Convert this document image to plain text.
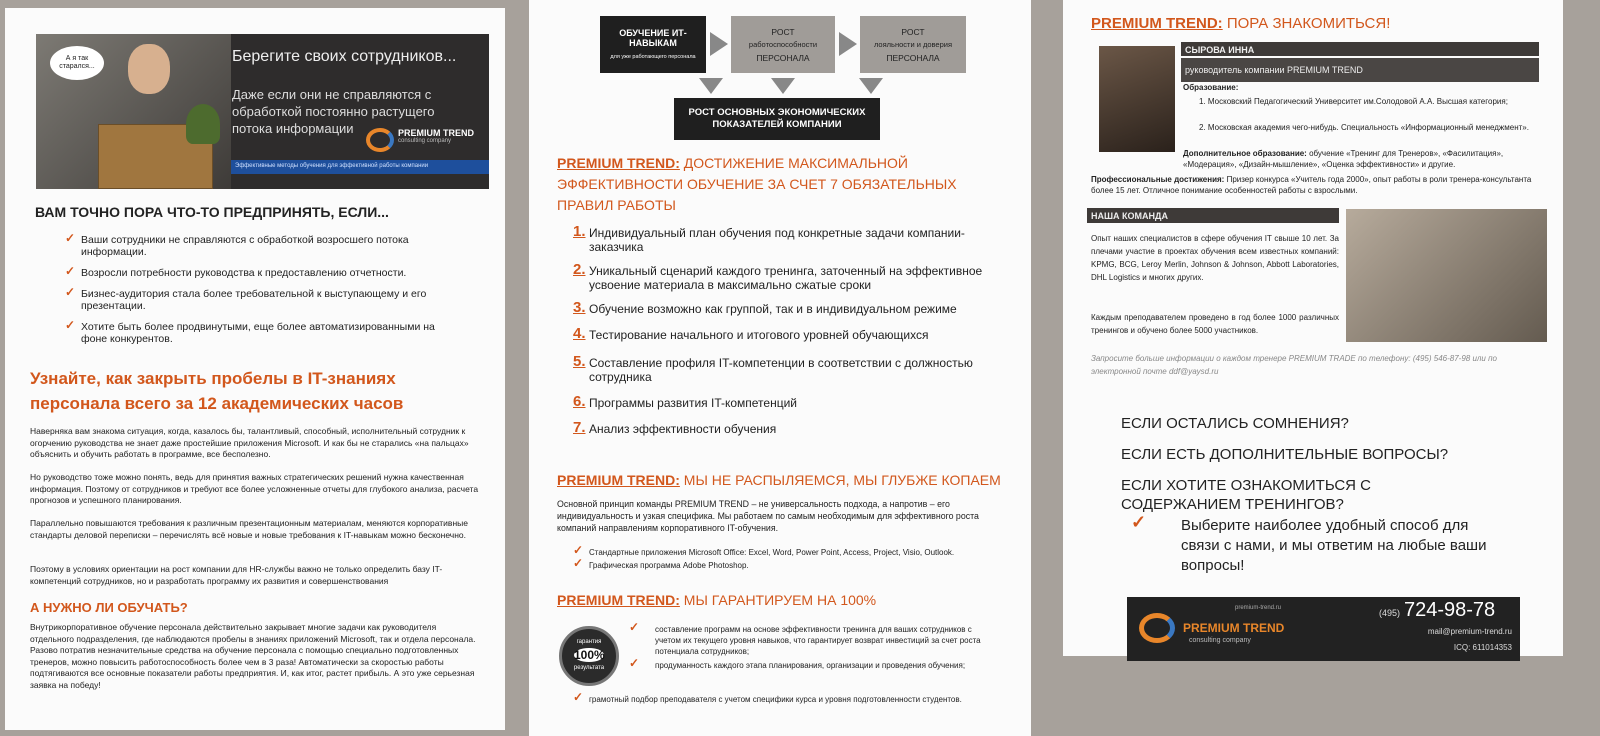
А я так старался...
Берегите своих сотрудников...
Даже если они не справляются с обработкой постоянно растущего потока информации	PREMIUM TREND
consulting company
Эффективные методы обучения для эффективной работы компании
ВАМ ТОЧНО ПОРА ЧТО-ТО ПРЕДПРИНЯТЬ, ЕСЛИ...
✓ Ваши сотрудники не справляются с обработкой возросшего потока информации.
✓ Возросли потребности руководства к предоставлению отчетности.
✓ Бизнес-аудитория стала более требовательной к выступающему и его презентации.
✓ Хотите быть более продвинутыми, еще более автоматизированными на фоне конкурентов.
Узнайте, как закрыть пробелы в IT-знаниях персонала всего за 12 академических часов
Наверняка вам знакома ситуация, когда, казалось бы, талантливый, способный, исполнительный сотрудник к огорчению руководства не знает даже простейшие приложения Microsoft. И как бы не старались «на пальцах» объяснить и обучить работать в программе, все бесполезно.
Но руководство тоже можно понять, ведь для принятия важных стратегических решений нужна качественная информация. Поэтому от сотрудников и требуют все более усложненные отчеты для глубокого анализа, расчета прогнозов и успешного планирования.
Параллельно повышаются требования к различным презентационным материалам, меняются корпоративные стандарты деловой переписки – перечислять всё новые и новые требования к IT-навыкам можно бесконечно.
Поэтому в условиях ориентации на рост компании для HR-службы важно не только определить базу IT-компетенций сотрудников, но и разработать программу их развития и совершенствования
А НУЖНО ЛИ ОБУЧАТЬ?
Внутрикорпоративное обучение персонала действительно закрывает многие задачи как руководителя отдельного подразделения, где наблюдаются пробелы в знаниях приложений Microsoft, так и отдела персонала. Разово потратив незначительные средства на обучение персонала с помощью специально подготовленных тренеров, можно повысить работоспособность более чем в 3 раза! Автоматически за скоростью работы подтягиваются все основные показатели работы предприятия. И, как итог, растет прибыль. А это уже серьезная заявка на победу!
ОБУЧЕНИЕ ИТ-НАВЫКАМ
для уже работающего персонала
РОСТ
работоспособности
ПЕРСОНАЛА
РОСТ
лояльности и доверия
ПЕРСОНАЛА
РОСТ ОСНОВНЫХ ЭКОНОМИЧЕСКИХ ПОКАЗАТЕЛЕЙ КОМПАНИИ
PREMIUM TREND: ДОСТИЖЕНИЕ МАКСИМАЛЬНОЙ ЭФФЕКТИВНОСТИ ОБУЧЕНИЕ ЗА СЧЕТ 7 ОБЯЗАТЕЛЬНЫХ ПРАВИЛ РАБОТЫ
1. Индивидуальный план обучения под конкретные задачи компании-заказчика
2. Уникальный сценарий каждого тренинга, заточенный на эффективное усвоение материала в максимально сжатые сроки
3. Обучение возможно как группой, так и в индивидуальном режиме
4. Тестирование начального и итогового уровней обучающихся
5. Составление профиля IT-компетенции в соответствии с должностью сотрудника
6. Программы развития IT-компетенций
7. Анализ эффективности обучения
PREMIUM TREND: МЫ НЕ РАСПЫЛЯЕМСЯ, МЫ ГЛУБЖЕ КОПАЕМ
Основной принцип команды PREMIUM TREND – не универсальность подхода, а напротив – его индивидуальность и узкая специфика. Мы работаем по самым необходимым для эффективного роста компаний направлениям корпоративного IT-обучения.
✓ Стандартные приложения Microsoft Office: Excel, Word, Power Point, Access, Project, Visio, Outlook.
✓ Графическая программа Adobe Photoshop.
PREMIUM TREND: МЫ ГАРАНТИРУЕМ НА 100%
гарантия
100%
результата
✓ составление программ на основе эффективности тренинга для ваших сотрудников с учетом их текущего уровня навыков, что гарантирует возврат инвестиций за счет роста потенциала сотрудников;
✓ продуманность каждого этапа планирования, организации и проведения обучения;
✓ грамотный подбор преподавателя с учетом специфики курса и уровня подготовленности студентов.
PREMIUM TREND: ПОРА ЗНАКОМИТЬСЯ!
СЫРОВА ИННА
руководитель компании PREMIUM TREND
Образование:
1. Московский Педагогический Университет им.Солодовой А.А. Высшая категория;
2. Московская академия чего-нибудь. Специальность «Информационный менеджмент».
Дополнительное образование: обучение «Тренинг для Тренеров», «Фасилитация», «Модерация», «Дизайн-мышление», «Оценка эффективности» и другие.
Профессиональные достижения: Призер конкурса «Учитель года 2000», опыт работы в роли тренера-консультанта более 15 лет. Отличное понимание особенностей работы с взрослыми.
НАША КОМАНДА
Опыт наших специалистов в сфере обучения IT свыше 10 лет. За плечами участие в проектах обучения всем известных компаний: KPMG, BCG, Leroy Merlin, Johnson & Johnson, Abbott Laboratories, DHL Logistics и многих других.
Каждым преподавателем проведено в год более 1000 различных тренингов и обучено более 5000 участников.
Запросите больше информации о каждом тренере PREMIUM TRADE по телефону: (495) 546-87-98 или по электронной почте ddf@yaysd.ru
ЕСЛИ ОСТАЛИСЬ СОМНЕНИЯ?
ЕСЛИ ЕСТЬ ДОПОЛНИТЕЛЬНЫЕ ВОПРОСЫ?
ЕСЛИ ХОТИТЕ ОЗНАКОМИТЬСЯ С СОДЕРЖАНИЕМ ТРЕНИНГОВ?
✓ Выберите наиболее удобный способ для связи с нами, и мы ответим на любые ваши вопросы!
PREMIUM TREND
consulting company
premium-trend.ru	(495) 724-98-78
mail@premium-trend.ru
ICQ: 611014353
